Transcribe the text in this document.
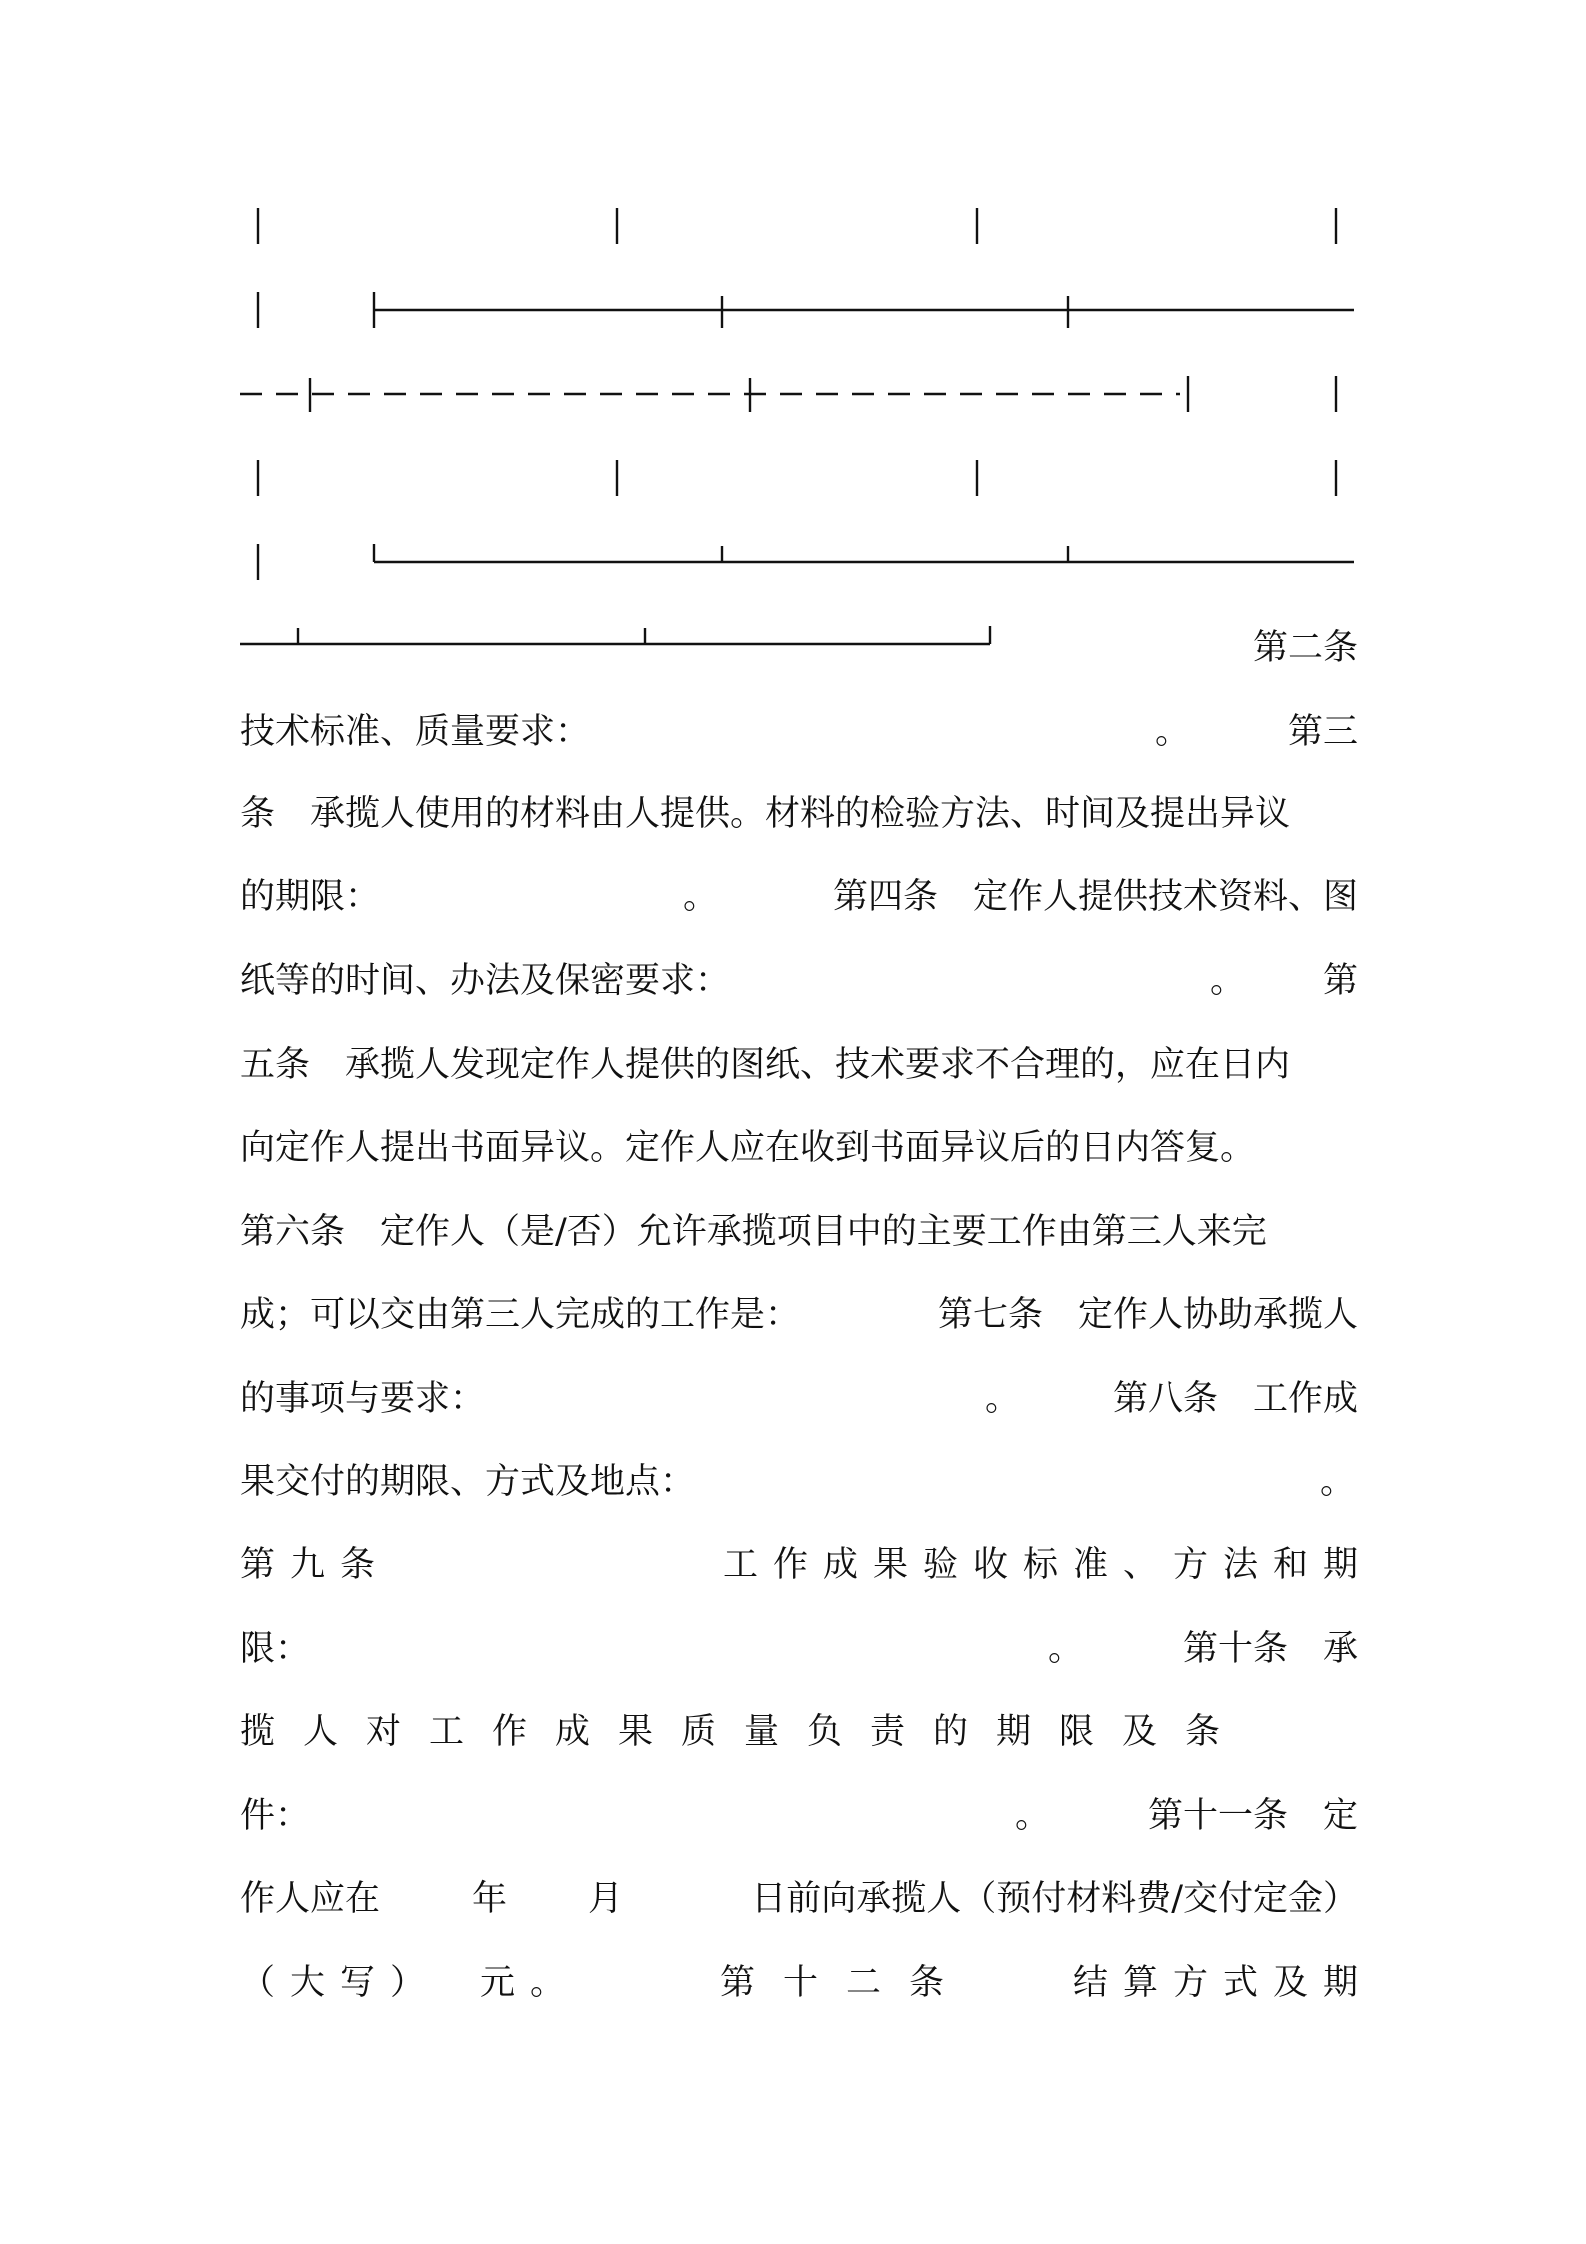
第二条
技术标准、质量要求：	。	第三
条　承揽人使用的材料由人提供。材料的检验方法、时间及提出异议
的期限：	。	第四条　定作人提供技术资料、图
纸等的时间、办法及保密要求：	。 第
五条　承揽人发现定作人提供的图纸、技术要求不合理的，应在日内
向定作人提出书面异议。定作人应在收到书面异议后的日内答复。
第六条　定作人（是/否）允许承揽项目中的主要工作由第三人来完
成；可以交由第三人完成的工作是：	第七条　定作人协助承揽人
的事项与要求：	。	第八条　工作成
果交付的期限、方式及地点：	。
第九条	工作成果验收标准、方法和期
限：	。	第十条　承
揽人对工作成果质量负责的期限及条
件：	。	第十一条　定
作人应在	年 月	日前向承揽人（预付材料费/交付定金）
（大写） 元。	第十二条	结算方式及期
